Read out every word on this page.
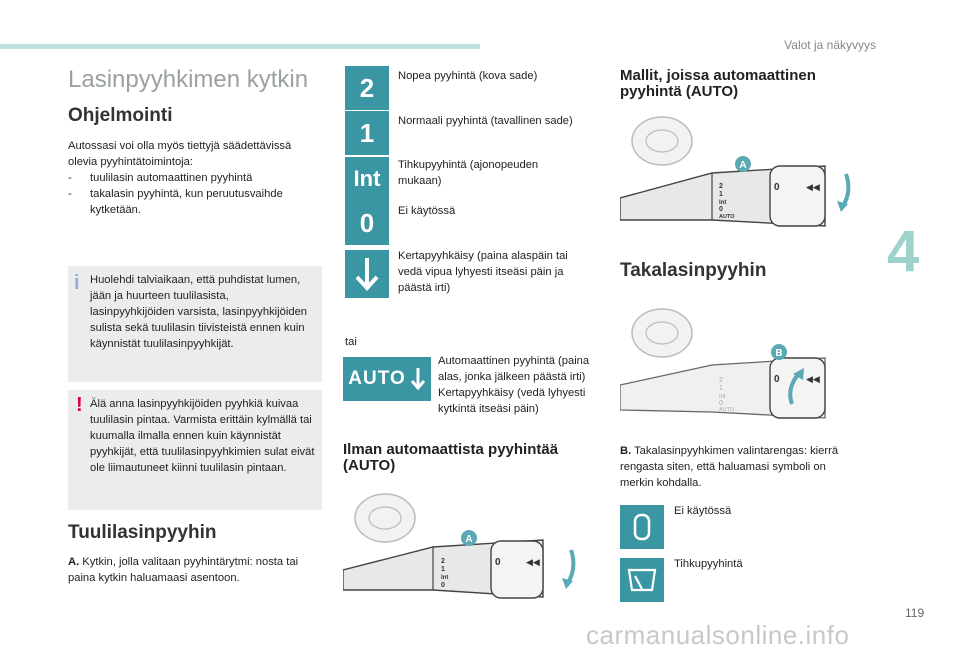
Valot ja näkyvyys
4
119
Lasinpyyhkimen kytkin
Ohjelmointi
Autossasi voi olla myös tiettyjä säädettävissä olevia pyyhintätoimintoja:
-	tuulilasin automaattinen pyyhintä
-	takalasin pyyhintä, kun peruutusvaihde kytketään.
i Huolehdi talviaikaan, että puhdistat lumen, jään ja huurteen tuulilasista, lasinpyyhkijöiden varsista, lasinpyyhkijöiden sulista sekä tuulilasin tiivisteistä ennen kuin käynnistät tuulilasinpyyhkijät.
! Älä anna lasinpyyhkijöiden pyyhkiä kuivaa tuulilasin pintaa. Varmista erittäin kylmällä tai kuumalla ilmalla ennen kuin käynnistät pyyhkijät, että tuulilasinpyyhkimien sulat eivät ole liimautuneet kiinni tuulilasin pintaan.
Tuulilasinpyyhin
A. Kytkin, jolla valitaan pyyhintärytmi: nosta tai paina kytkin haluamaasi asentoon.
2	Nopea pyyhintä (kova sade)
1	Normaali pyyhintä (tavallinen sade)
Int
Tihkupyyhintä (ajonopeuden mukaan)
0	Ei käytössä
Kertapyyhkäisy (paina alaspäin tai vedä vipua lyhyesti itseäsi päin ja päästä irti)
tai
AUTO
Automaattinen pyyhintä (paina alas, jonka jälkeen päästä irti) Kertapyyhkäisy (vedä lyhyesti kytkintä itseäsi päin)
Ilman automaattista pyyhintää (AUTO)
2
1
Int
0
0	◀◀
A
Mallit, joissa automaattinen pyyhintä (AUTO)
2
1
Int
0
AUTO
0	◀◀
A
Takalasinpyyhin
2
1
Int
0
AUTO
0	◀◀
B
B. Takalasinpyyhkimen valintarengas: kierrä rengasta siten, että haluamasi symboli on merkin kohdalla.
Ei käytössä
Tihkupyyhintä
carmanualsonline.info
